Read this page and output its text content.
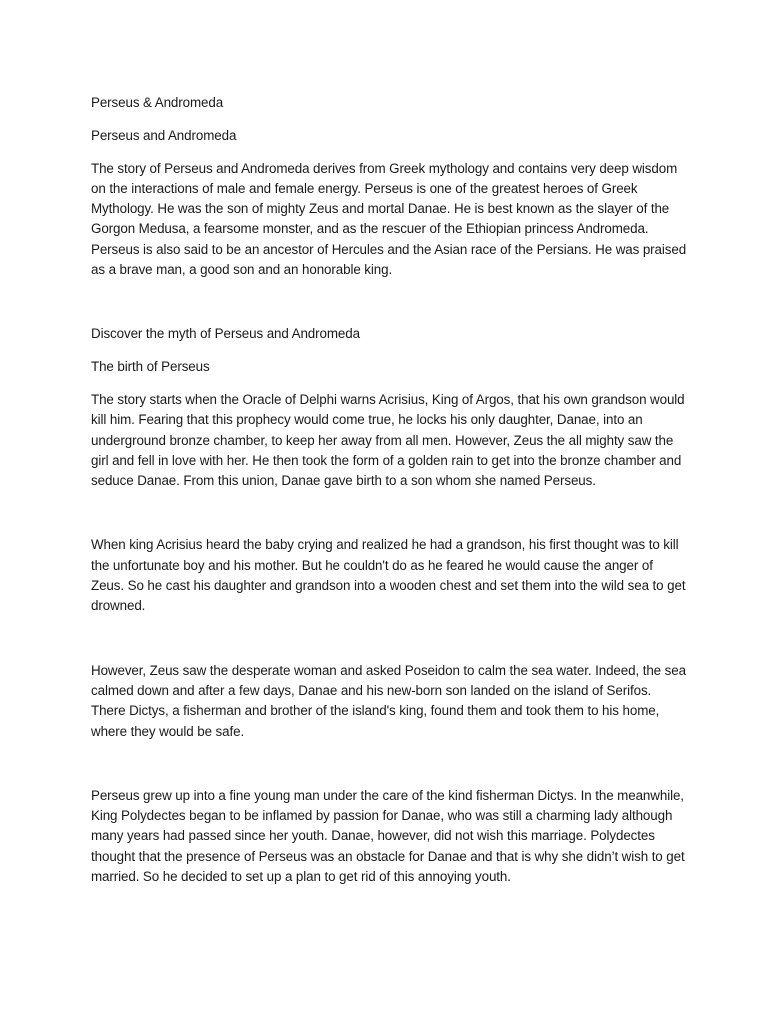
Perseus & Andromeda

Perseus and Andromeda

The story of Perseus and Andromeda derives from Greek mythology and contains very deep wisdom on the interactions of male and female energy. Perseus is one of the greatest heroes of Greek Mythology. He was the son of mighty Zeus and mortal Danae. He is best known as the slayer of the Gorgon Medusa, a fearsome monster, and as the rescuer of the Ethiopian princess Andromeda. Perseus is also said to be an ancestor of Hercules and the Asian race of the Persians. He was praised as a brave man, a good son and an honorable king.

Discover the myth of Perseus and Andromeda

The birth of Perseus

The story starts when the Oracle of Delphi warns Acrisius, King of Argos, that his own grandson would kill him. Fearing that this prophecy would come true, he locks his only daughter, Danae, into an underground bronze chamber, to keep her away from all men. However, Zeus the all mighty saw the girl and fell in love with her. He then took the form of a golden rain to get into the bronze chamber and seduce Danae. From this union, Danae gave birth to a son whom she named Perseus.

When king Acrisius heard the baby crying and realized he had a grandson, his first thought was to kill the unfortunate boy and his mother. But he couldn't do as he feared he would cause the anger of Zeus. So he cast his daughter and grandson into a wooden chest and set them into the wild sea to get drowned.

However, Zeus saw the desperate woman and asked Poseidon to calm the sea water. Indeed, the sea calmed down and after a few days, Danae and his new-born son landed on the island of Serifos. There Dictys, a fisherman and brother of the island's king, found them and took them to his home, where they would be safe.

Perseus grew up into a fine young man under the care of the kind fisherman Dictys. In the meanwhile, King Polydectes began to be inflamed by passion for Danae, who was still a charming lady although many years had passed since her youth. Danae, however, did not wish this marriage. Polydectes thought that the presence of Perseus was an obstacle for Danae and that is why she didn’t wish to get married. So he decided to set up a plan to get rid of this annoying youth.
